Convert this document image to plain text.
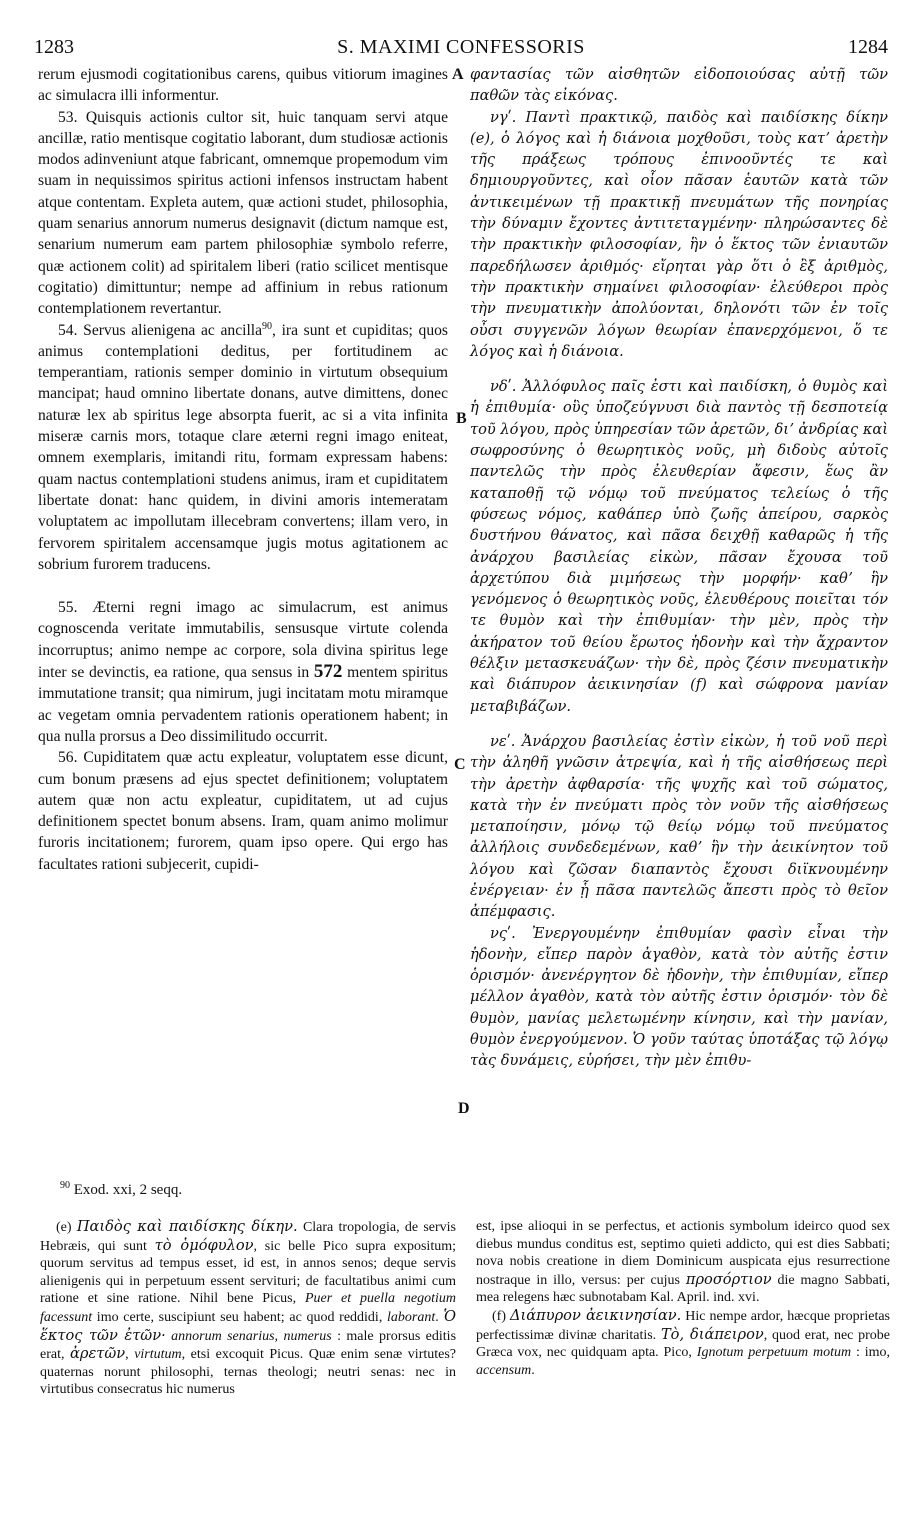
1283	S. MAXIMI CONFESSORIS	1284
A
B
C
D

rerum ejusmodi cogitationibus carens, quibus vitiorum imagines ac simulacra illi informentur.

53. Quisquis actionis cultor sit, huic tanquam servi atque ancillæ, ratio mentisque cogitatio laborant, dum studiosæ actionis modos adinveniunt atque fabricant, omnemque propemodum vim suam in nequissimos spiritus actioni infensos instructam habent atque contentam. Expleta autem, quæ actioni studet, philosophia, quam senarius annorum numerus designavit (dictum namque est, senarium numerum eam partem philosophiæ symbolo referre, quæ actionem colit) ad spiritalem liberi (ratio scilicet mentisque cogitatio) dimittuntur; nempe ad affinium in rebus rationum contemplationem revertantur.

54. Servus alienigena ac ancilla$^{90}$, ira sunt et cupiditas; quos animus contemplationi deditus, per fortitudinem ac temperantiam, rationis semper dominio in virtutum obsequium mancipat; haud omnino libertate donans, autve dimittens, donec naturæ lex ab spiritus lege absorpta fuerit, ac si a vita infinita miseræ carnis mors, totaque clare æterni regni imago eniteat, omnem exemplaris, imitandi ritu, formam expressam habens: quam nactus contemplationi studens animus, iram et cupiditatem libertate donat: hanc quidem, in divini amoris intemeratam voluptatem ac impollutam illecebram convertens; illam vero, in fervorem spiritalem accensamque jugis motus agitationem ac sobrium furorem traducens.

55. Æterni regni imago ac simulacrum, est animus cognoscenda veritate immutabilis, sensusque virtute colenda incorruptus; animo nempe ac corpore, sola divina spiritus lege inter se devinctis, ea ratione, qua sensus in 572 mentem spiritus immutatione transit; qua nimirum, jugi incitatam motu miramque ac vegetam omnia pervadentem rationis operationem habent; in qua nulla prorsus a Deo dissimilitudo occurrit.

56. Cupiditatem quæ actu expleatur, voluptatem esse dicunt, cum bonum præsens ad ejus spectet definitionem; voluptatem autem quæ non actu expleatur, cupiditatem, ut ad cujus definitionem spectet bonum absens. Iram, quam animo molimur furoris incitationem; furorem, quam ipso opere. Qui ergo has facultates rationi subjecerit, cupidi-

φαντασίας τῶν αἰσθητῶν εἰδοποιούσας αὐτῇ τῶν παθῶν τὰς εἰκόνας.

νγʹ. Παντὶ πρακτικῷ, παιδὸς καὶ παιδίσκης δίκην (e), ὁ λόγος καὶ ἡ διάνοια μοχθοῦσι, τοὺς κατʼ ἀρετὴν τῆς πράξεως τρόπους ἐπινοοῦντές τε καὶ δημιουργοῦντες, καὶ οἷον πᾶσαν ἑαυτῶν κατὰ τῶν ἀντικειμένων τῇ πρακτικῇ πνευμάτων τῆς πονηρίας τὴν δύναμιν ἔχοντες ἀντιτεταγμένην· πληρώσαντες δὲ τὴν πρακτικὴν φιλοσοφίαν, ἣν ὁ ἕκτος τῶν ἐνιαυτῶν παρεδήλωσεν ἀριθμός· εἴρηται γὰρ ὅτι ὁ ἒξ ἀριθμὸς, τὴν πρακτικὴν σημαίνει φιλοσοφίαν· ἐλεύθεροι πρὸς τὴν πνευματικὴν ἀπολύονται, δηλονότι τῶν ἐν τοῖς οὖσι συγγενῶν λόγων θεωρίαν ἐπανερχόμενοι, ὅ τε λόγος καὶ ἡ διάνοια.

νδʹ. Ἀλλόφυλος παῖς ἐστι καὶ παιδίσκη, ὁ θυμὸς καὶ ἡ ἐπιθυμία· οὓς ὑποζεύγνυσι διὰ παντὸς τῇ δεσποτείᾳ τοῦ λόγου, πρὸς ὑπηρεσίαν τῶν ἀρετῶν, διʼ ἀνδρίας καὶ σωφροσύνης ὁ θεωρητικὸς νοῦς, μὴ διδοὺς αὐτοῖς παντελῶς τὴν πρὸς ἐλευθερίαν ἄφεσιν, ἕως ἂν καταποθῇ τῷ νόμῳ τοῦ πνεύματος τελείως ὁ τῆς φύσεως νόμος, καθάπερ ὑπὸ ζωῆς ἀπείρου, σαρκὸς δυστήνου θάνατος, καὶ πᾶσα δειχθῇ καθαρῶς ἡ τῆς ἀνάρχου βασιλείας εἰκὼν, πᾶσαν ἔχουσα τοῦ ἀρχετύπου διὰ μιμήσεως τὴν μορφήν· καθʼ ἣν γενόμενος ὁ θεωρητικὸς νοῦς, ἐλευθέρους ποιεῖται τόν τε θυμὸν καὶ τὴν ἐπιθυμίαν· τὴν μὲν, πρὸς τὴν ἀκήρατον τοῦ θείου ἔρωτος ἡδονὴν καὶ τὴν ἄχραντον θέλξιν μετασκευάζων· τὴν δὲ, πρὸς ζέσιν πνευματικὴν καὶ διάπυρον ἀεικινησίαν (f) καὶ σώφρονα μανίαν μεταβιβάζων.

νεʹ. Ἀνάρχου βασιλείας ἐστὶν εἰκὼν, ἡ τοῦ νοῦ περὶ τὴν ἀληθῆ γνῶσιν ἀτρεψία, καὶ ἡ τῆς αἰσθήσεως περὶ τὴν ἀρετὴν ἀφθαρσία· τῆς ψυχῆς καὶ τοῦ σώματος, κατὰ τὴν ἐν πνεύματι πρὸς τὸν νοῦν τῆς αἰσθήσεως μεταποίησιν, μόνῳ τῷ θείῳ νόμῳ τοῦ πνεύματος ἀλλήλοις συνδεδεμένων, καθʼ ἣν τὴν ἀεικίνητον τοῦ λόγου καὶ ζῶσαν διαπαντὸς ἔχουσι διϊκνουμένην ἐνέργειαν· ἐν ᾗ πᾶσα παντελῶς ἄπεστι πρὸς τὸ θεῖον ἀπέμφασις.

νςʹ. Ἐνεργουμένην ἐπιθυμίαν φασὶν εἶναι τὴν ἡδονὴν, εἴπερ παρὸν ἀγαθὸν, κατὰ τὸν αὐτῆς ἐστιν ὁρισμόν· ἀνενέργητον δὲ ἡδονὴν, τὴν ἐπιθυμίαν, εἴπερ μέλλον ἀγαθὸν, κατὰ τὸν αὐτῆς ἐστιν ὁρισμόν· τὸν δὲ θυμὸν, μανίας μελετωμένην κίνησιν, καὶ τὴν μανίαν, θυμὸν ἐνεργούμενον. Ὁ γοῦν ταύτας ὑποτάξας τῷ λόγῳ τὰς δυνάμεις, εὑρήσει, τὴν μὲν ἐπιθυ-

$^{90}$ Exod. xxi, 2 seqq.

(e) Παιδὸς καὶ παιδίσκης δίκην. Clara tropologia, de servis Hebræis, qui sunt τὸ ὁμόφυλον, sic belle Pico supra expositum; quorum servitus ad tempus esset, id est, in annos senos; deque servis alienigenis qui in perpetuum essent servituri; de facultatibus animi cum ratione et sine ratione. Nihil bene Picus, Puer et puella negotium facessunt imo certe, suscipiunt seu habent; ac quod reddidi, laborant. Ὁ ἕκτος τῶν ἐτῶν· annorum senarius, numerus : male prorsus editis erat, ἀρετῶν, virtutum, etsi excoquit Picus. Quæ enim senæ virtutes? quaternas norunt philosophi, ternas theologi; neutri senas: nec in virtutibus consecratus hic numerus

est, ipse alioqui in se perfectus, et actionis symbolum ideirco quod sex diebus mundus conditus est, septimo quieti addicto, qui est dies Sabbati; nova nobis creatione in diem Dominicum auspicata ejus resurrectione nostraque in illo, versus: per cujus προσόρτιον die magno Sabbati, mea relegens hæc subnotabam Kal. April. ind. xvi.

(f) Διάπυρον ἀεικινησίαν. Hic nempe ardor, hæcque proprietas perfectissimæ divinæ charitatis. Τὸ, διάπειρον, quod erat, nec probe Græca vox, nec quidquam apta. Pico, Ignotum perpetuum motum : imo, accensum.
